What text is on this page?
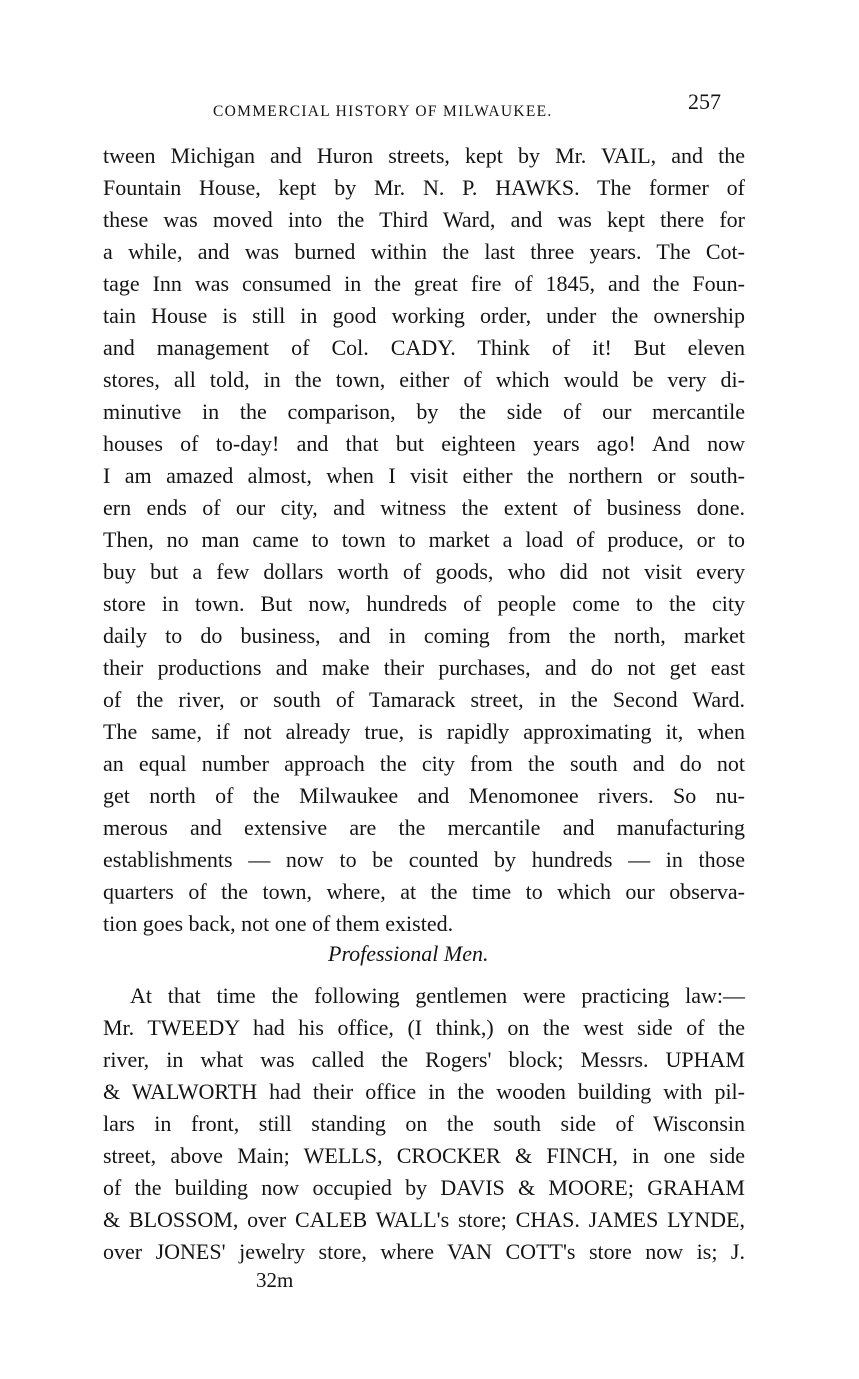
COMMERCIAL HISTORY OF MILWAUKEE.	257
tween Michigan and Huron streets, kept by Mr. VAIL, and the
Fountain House, kept by Mr. N. P. HAWKS. The former of
these was moved into the Third Ward, and was kept there for
a while, and was burned within the last three years. The Cot-
tage Inn was consumed in the great fire of 1845, and the Foun-
tain House is still in good working order, under the ownership
and management of Col. CADY. Think of it! But eleven
stores, all told, in the town, either of which would be very di-
minutive in the comparison, by the side of our mercantile
houses of to-day! and that but eighteen years ago! And now
I am amazed almost, when I visit either the northern or south-
ern ends of our city, and witness the extent of business done.
Then, no man came to town to market a load of produce, or to
buy but a few dollars worth of goods, who did not visit every
store in town. But now, hundreds of people come to the city
daily to do business, and in coming from the north, market
their productions and make their purchases, and do not get east
of the river, or south of Tamarack street, in the Second Ward.
The same, if not already true, is rapidly approximating it, when
an equal number approach the city from the south and do not
get north of the Milwaukee and Menomonee rivers. So nu-
merous and extensive are the mercantile and manufacturing
establishments — now to be counted by hundreds — in those
quarters of the town, where, at the time to which our observa-
tion goes back, not one of them existed.
Professional Men.
At that time the following gentlemen were practicing law:—
Mr. TWEEDY had his office, (I think,) on the west side of the
river, in what was called the Rogers' block; Messrs. UPHAM
& WALWORTH had their office in the wooden building with pil-
lars in front, still standing on the south side of Wisconsin
street, above Main; WELLS, CROCKER & FINCH, in one side
of the building now occupied by DAVIS & MOORE; GRAHAM
& BLOSSOM, over CALEB WALL's store; CHAS. JAMES LYNDE,
over JONES' jewelry store, where VAN COTT's store now is; J.
32m
